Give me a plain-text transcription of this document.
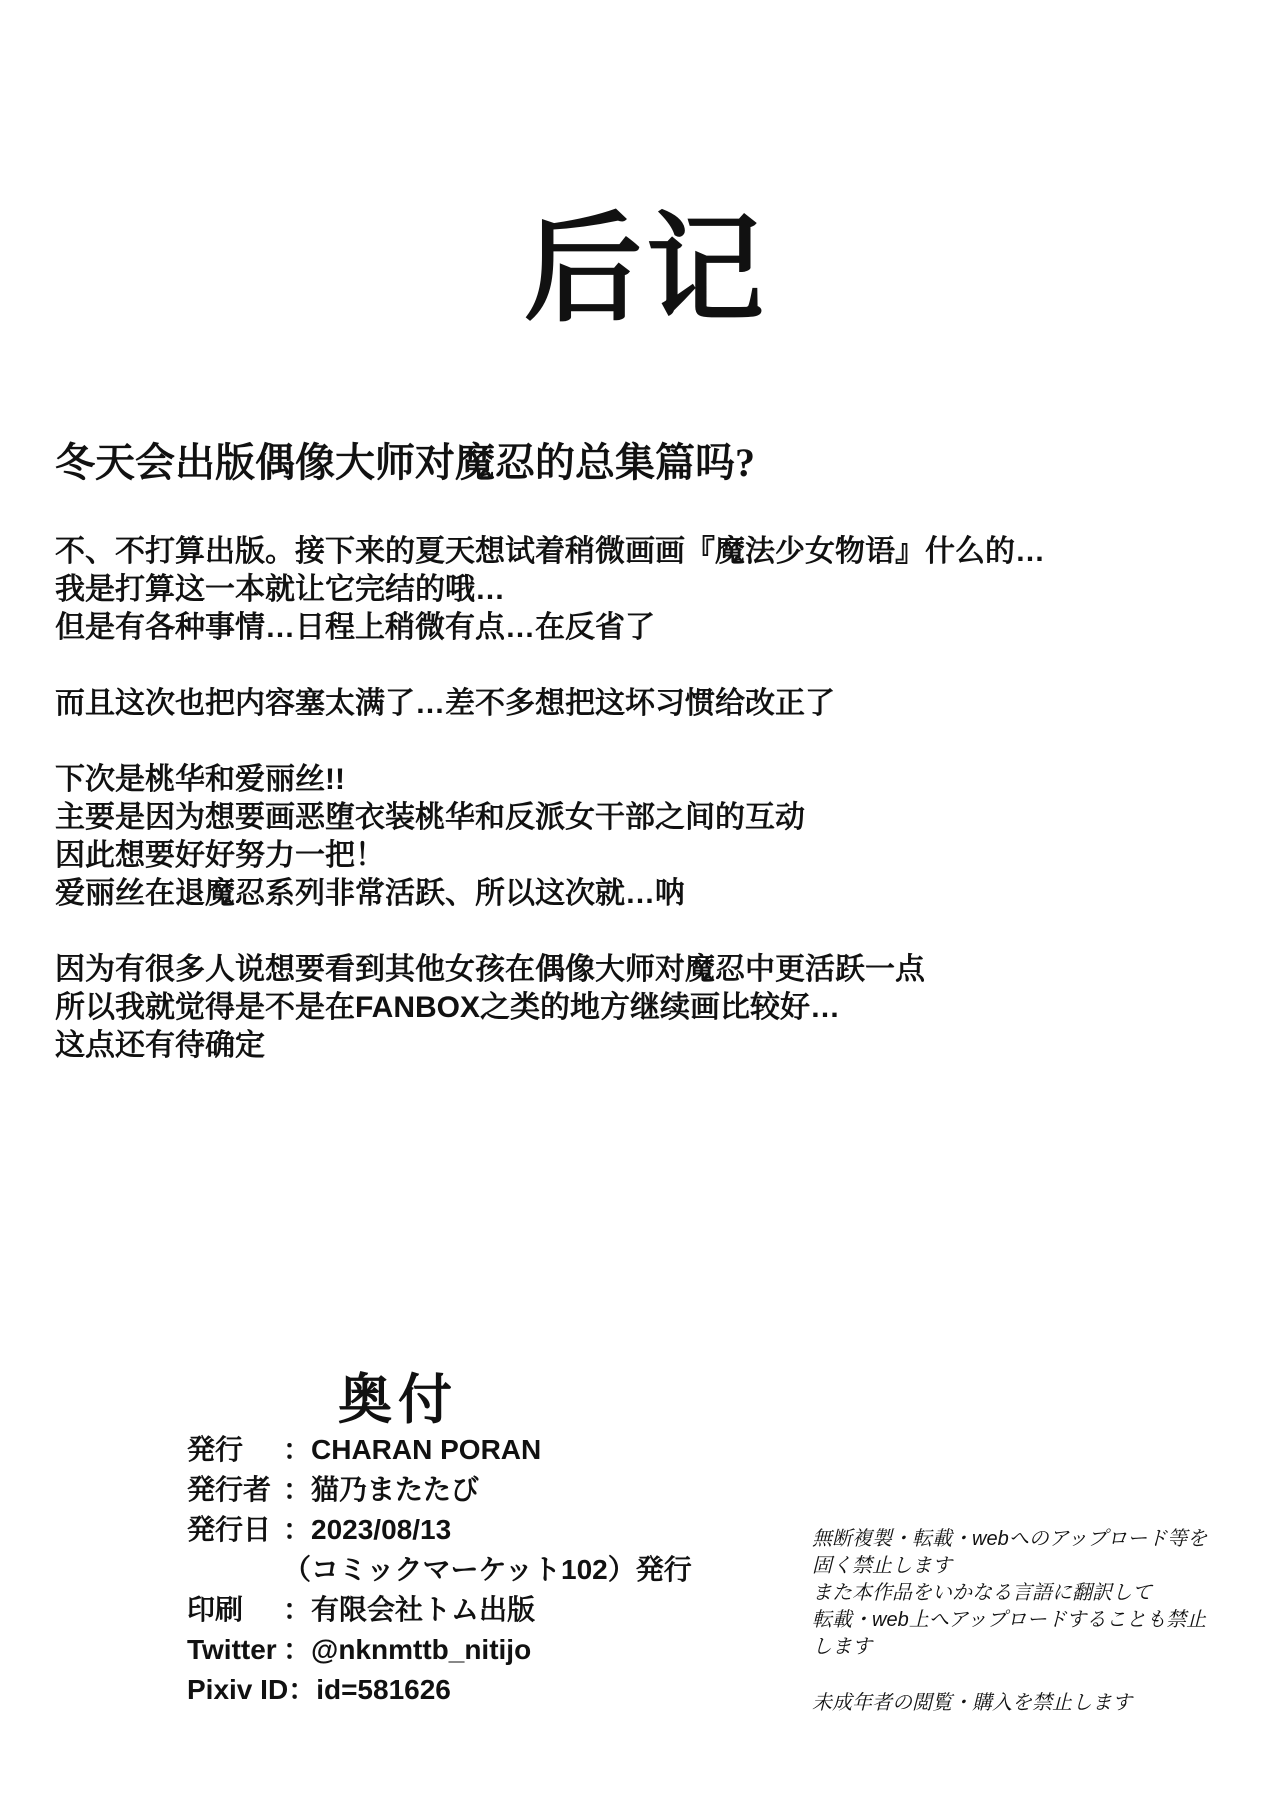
后记
冬天会出版偶像大师对魔忍的总集篇吗?

不、不打算出版。接下来的夏天想试着稍微画画『魔法少女物语』什么的…
我是打算这一本就让它完结的哦…
但是有各种事情…日程上稍微有点…在反省了

而且这次也把内容塞太满了…差不多想把这坏习惯给改正了

下次是桃华和爱丽丝!!
主要是因为想要画恶堕衣装桃华和反派女干部之间的互动
因此想要好好努力一把！
爱丽丝在退魔忍系列非常活跃、所以这次就…呐

因为有很多人说想要看到其他女孩在偶像大师对魔忍中更活跃一点
所以我就觉得是不是在FANBOX之类的地方继续画比较好…
这点还有待确定

奥付
発行	： CHARAN PORAN
発行者 ： 猫乃またたび
発行日 ： 2023/08/13
（コミックマーケット102）発行
印刷	： 有限会社トム出版
Twitter ： @nknmttb_nitijo
Pixiv ID ： id=581626
無断複製・転載・webへのアップロード等を
固く禁止します
また本作品をいかなる言語に翻訳して
転載・web上へアップロードすることも禁止します
未成年者の閲覧・購入を禁止します
